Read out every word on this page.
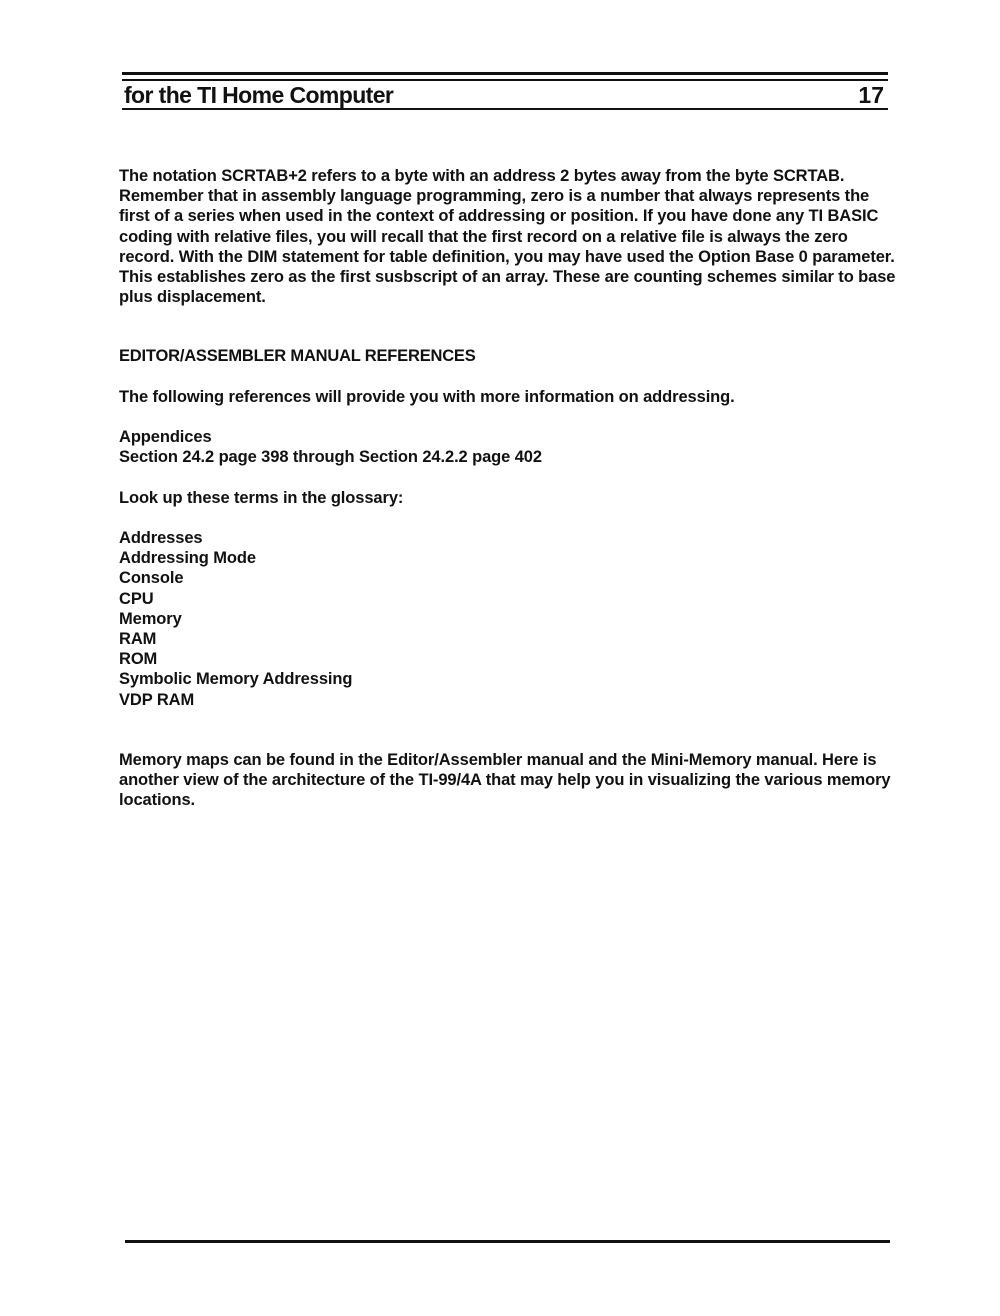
for the TI Home Computer	17

The notation SCRTAB+2 refers to a byte with an address 2 bytes away from the byte SCRTAB. Remember that in assembly language programming, zero is a number that always represents the first of a series when used in the context of addressing or position. If you have done any TI BASIC coding with relative files, you will recall that the first record on a relative file is always the zero record. With the DIM statement for table definition, you may have used the Option Base 0 parameter. This establishes zero as the first susbscript of an array. These are counting schemes similar to base plus displacement.

EDITOR/ASSEMBLER MANUAL REFERENCES

The following references will provide you with more information on addressing.

Appendices
Section 24.2 page 398 through Section 24.2.2 page 402

Look up these terms in the glossary:

Addresses
Addressing Mode
Console
CPU
Memory
RAM
ROM
Symbolic Memory Addressing
VDP RAM

Memory maps can be found in the Editor/Assembler manual and the Mini-Memory manual. Here is another view of the architecture of the TI-99/4A that may help you in visualizing the various memory locations.
